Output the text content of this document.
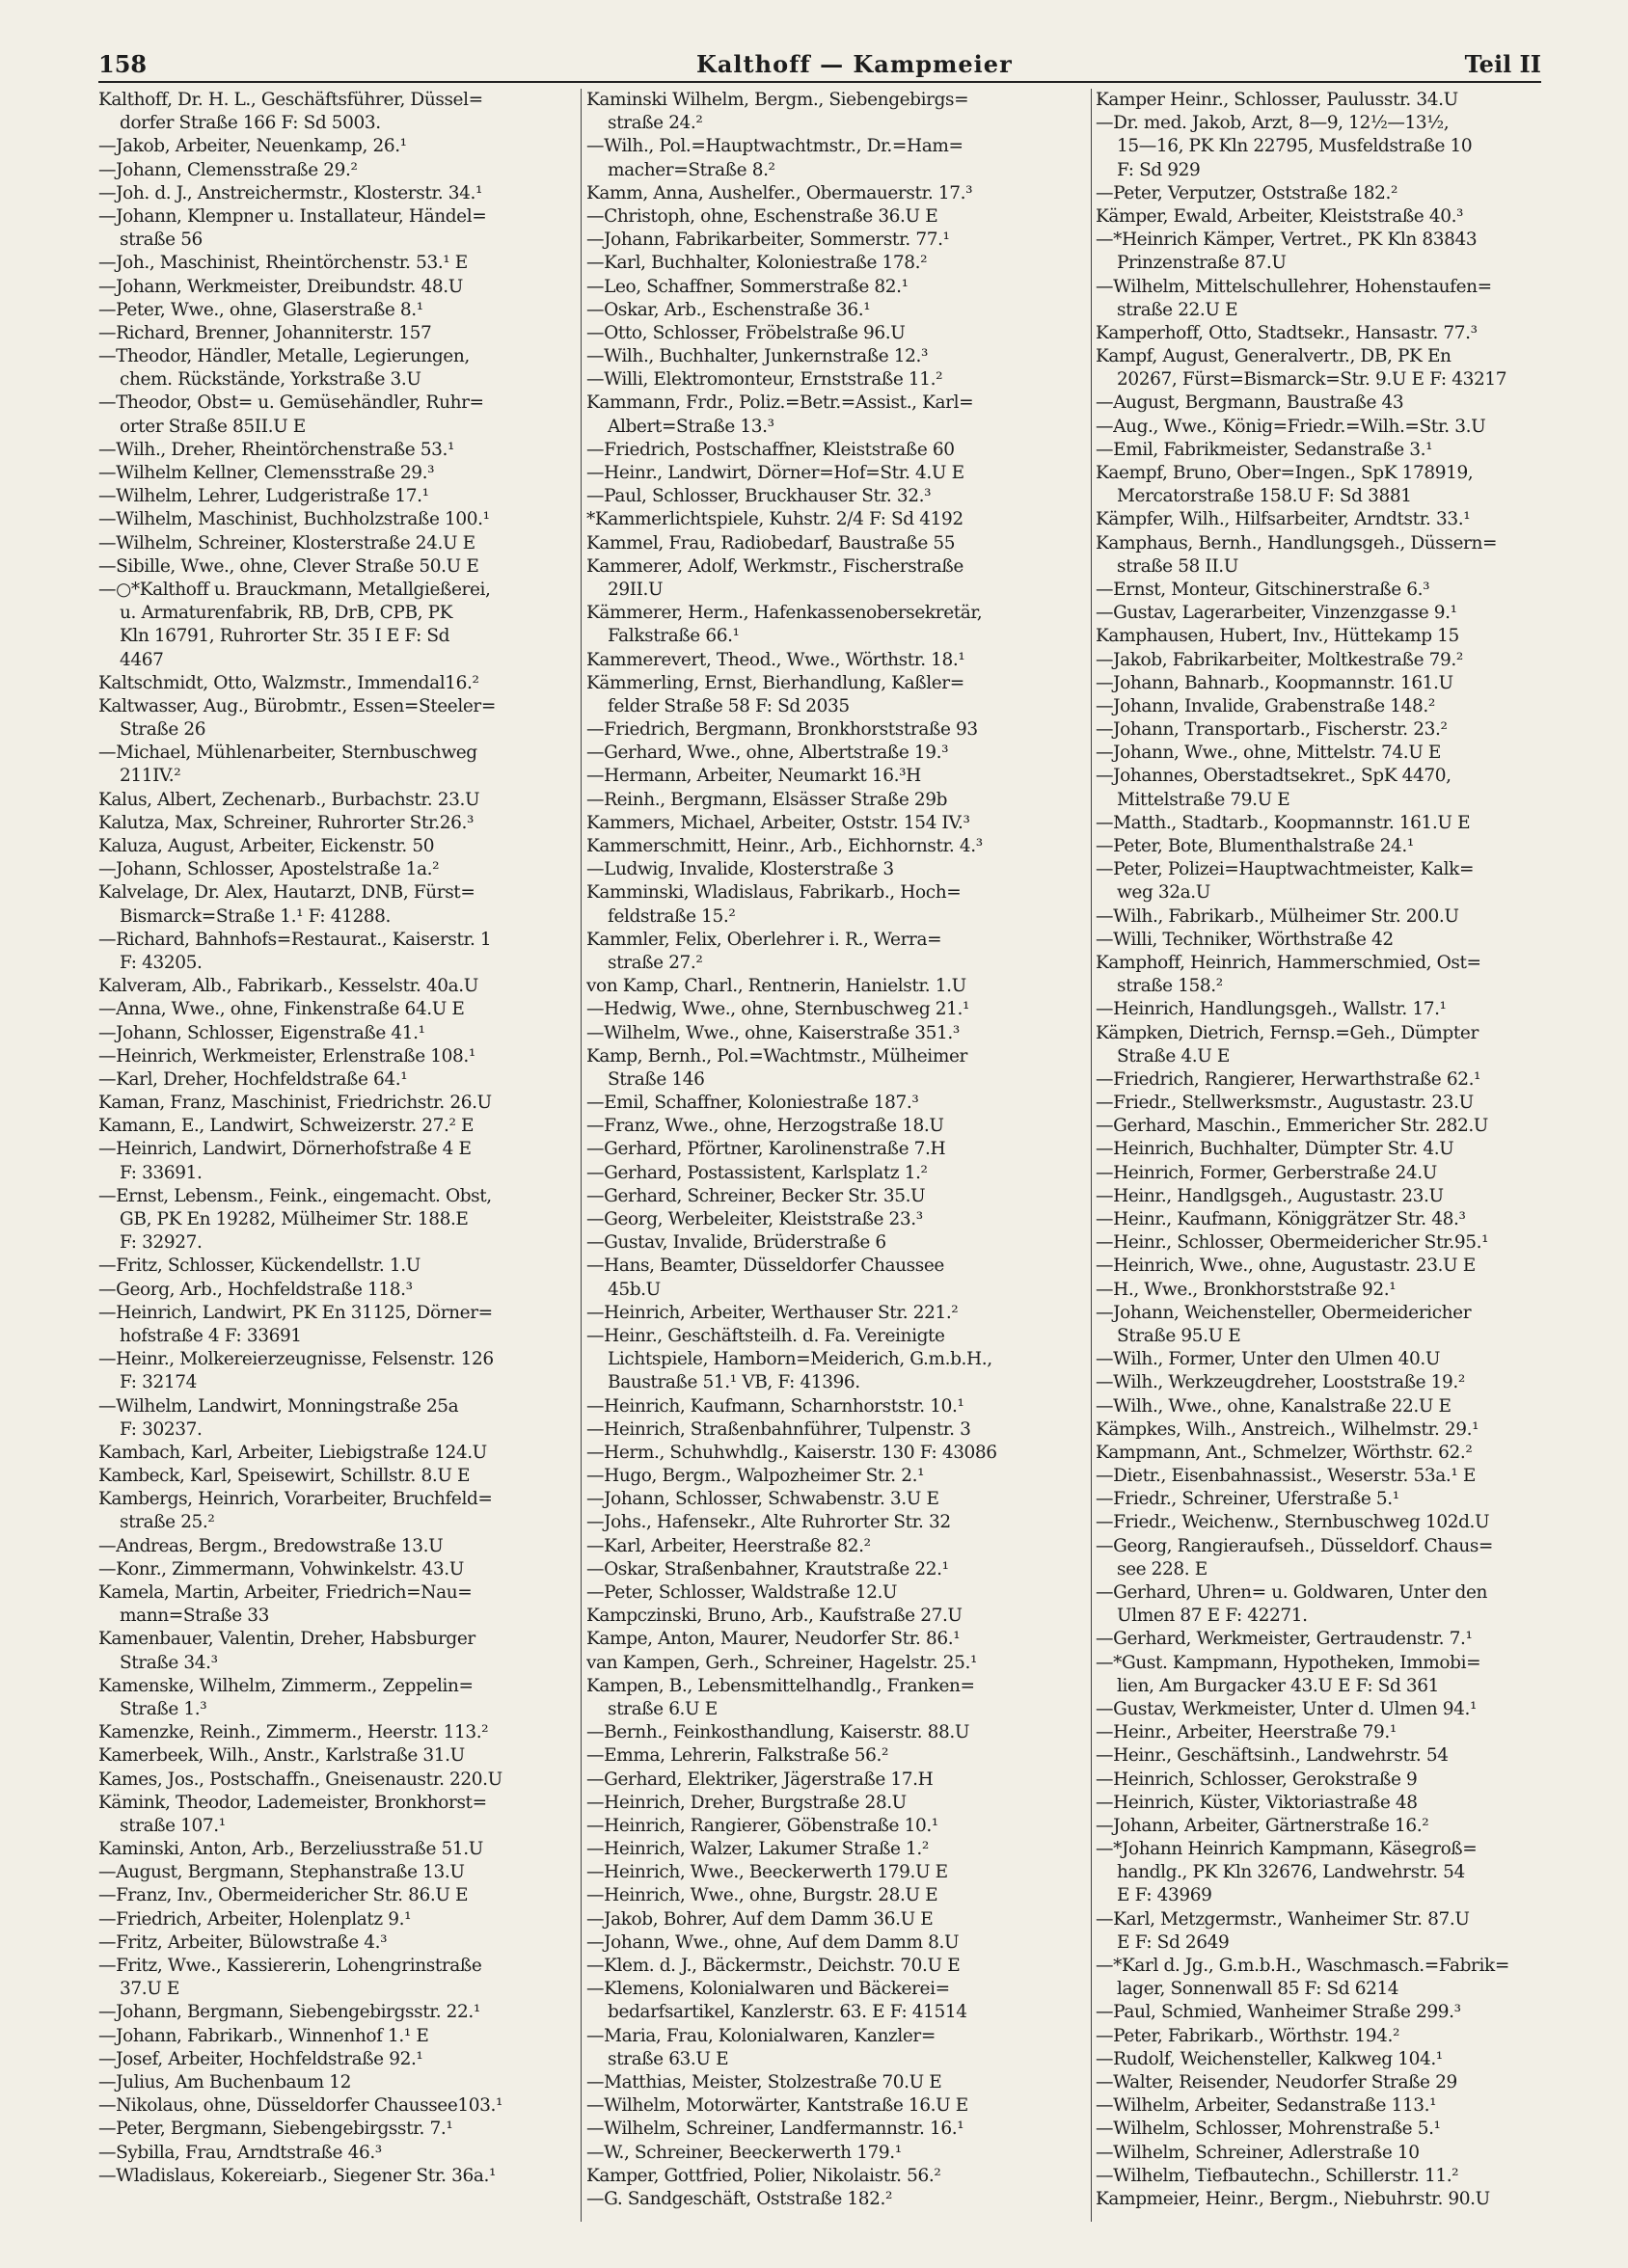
158	Kalthoff — Kampmeier	Teil II
Kalthoff, Dr. H. L., Geschäftsführer, Düssel=
dorfer Straße 166 F: Sd 5003.
—Jakob, Arbeiter, Neuenkamp, 26.¹
—Johann, Clemensstraße 29.²
—Joh. d. J., Anstreichermstr., Klosterstr. 34.¹
—Johann, Klempner u. Installateur, Händel=
straße 56
—Joh., Maschinist, Rheintörchenstr. 53.¹ E
—Johann, Werkmeister, Dreibundstr. 48.U
—Peter, Wwe., ohne, Glaserstraße 8.¹
—Richard, Brenner, Johanniterstr. 157
—Theodor, Händler, Metalle, Legierungen,
chem. Rückstände, Yorkstraße 3.U
—Theodor, Obst= u. Gemüsehändler, Ruhr=
orter Straße 85II.U E
—Wilh., Dreher, Rheintörchenstraße 53.¹
—Wilhelm Kellner, Clemensstraße 29.³
—Wilhelm, Lehrer, Ludgeristraße 17.¹
—Wilhelm, Maschinist, Buchholzstraße 100.¹
—Wilhelm, Schreiner, Klosterstraße 24.U E
—Sibille, Wwe., ohne, Clever Straße 50.U E
—○*Kalthoff u. Brauckmann, Metallgießerei,
u. Armaturenfabrik, RB, DrB, CPB, PK
Kln 16791, Ruhrorter Str. 35 I E F: Sd
4467
Kaltschmidt, Otto, Walzmstr., Immendal16.²
Kaltwasser, Aug., Bürobmtr., Essen=Steeler=
Straße 26
—Michael, Mühlenarbeiter, Sternbuschweg
211IV.²
Kalus, Albert, Zechenarb., Burbachstr. 23.U
Kalutza, Max, Schreiner, Ruhrorter Str.26.³
Kaluza, August, Arbeiter, Eickenstr. 50
—Johann, Schlosser, Apostelstraße 1a.²
Kalvelage, Dr. Alex, Hautarzt, DNB, Fürst=
Bismarck=Straße 1.¹ F: 41288.
—Richard, Bahnhofs=Restaurat., Kaiserstr. 1
F: 43205.
Kalveram, Alb., Fabrikarb., Kesselstr. 40a.U
—Anna, Wwe., ohne, Finkenstraße 64.U E
—Johann, Schlosser, Eigenstraße 41.¹
—Heinrich, Werkmeister, Erlenstraße 108.¹
—Karl, Dreher, Hochfeldstraße 64.¹
Kaman, Franz, Maschinist, Friedrichstr. 26.U
Kamann, E., Landwirt, Schweizerstr. 27.² E
—Heinrich, Landwirt, Dörnerhofstraße 4 E
F: 33691.
—Ernst, Lebensm., Feink., eingemacht. Obst,
GB, PK En 19282, Mülheimer Str. 188.E
F: 32927.
—Fritz, Schlosser, Kückendellstr. 1.U
—Georg, Arb., Hochfeldstraße 118.³
—Heinrich, Landwirt, PK En 31125, Dörner=
hofstraße 4 F: 33691
—Heinr., Molkereierzeugnisse, Felsenstr. 126
F: 32174
—Wilhelm, Landwirt, Monningstraße 25a
F: 30237.
Kambach, Karl, Arbeiter, Liebigstraße 124.U
Kambeck, Karl, Speisewirt, Schillstr. 8.U E
Kambergs, Heinrich, Vorarbeiter, Bruchfeld=
straße 25.²
—Andreas, Bergm., Bredowstraße 13.U
—Konr., Zimmermann, Vohwinkelstr. 43.U
Kamela, Martin, Arbeiter, Friedrich=Nau=
mann=Straße 33
Kamenbauer, Valentin, Dreher, Habsburger
Straße 34.³
Kamenske, Wilhelm, Zimmerm., Zeppelin=
Straße 1.³
Kamenzke, Reinh., Zimmerm., Heerstr. 113.²
Kamerbeek, Wilh., Anstr., Karlstraße 31.U
Kames, Jos., Postschaffn., Gneisenaustr. 220.U
Kämink, Theodor, Lademeister, Bronkhorst=
straße 107.¹
Kaminski, Anton, Arb., Berzeliusstraße 51.U
—August, Bergmann, Stephanstraße 13.U
—Franz, Inv., Obermeidericher Str. 86.U E
—Friedrich, Arbeiter, Holenplatz 9.¹
—Fritz, Arbeiter, Bülowstraße 4.³
—Fritz, Wwe., Kassiererin, Lohengrinstraße
37.U E
—Johann, Bergmann, Siebengebirgsstr. 22.¹
—Johann, Fabrikarb., Winnenhof 1.¹ E
—Josef, Arbeiter, Hochfeldstraße 92.¹
—Julius, Am Buchenbaum 12
—Nikolaus, ohne, Düsseldorfer Chaussee103.¹
—Peter, Bergmann, Siebengebirgsstr. 7.¹
—Sybilla, Frau, Arndtstraße 46.³
—Wladislaus, Kokereiarb., Siegener Str. 36a.¹
Kaminski Wilhelm, Bergm., Siebengebirgs=
straße 24.²
—Wilh., Pol.=Hauptwachtmstr., Dr.=Ham=
macher=Straße 8.²
Kamm, Anna, Aushelfer., Obermauerstr. 17.³
—Christoph, ohne, Eschenstraße 36.U E
—Johann, Fabrikarbeiter, Sommerstr. 77.¹
—Karl, Buchhalter, Koloniestraße 178.²
—Leo, Schaffner, Sommerstraße 82.¹
—Oskar, Arb., Eschenstraße 36.¹
—Otto, Schlosser, Fröbelstraße 96.U
—Wilh., Buchhalter, Junkernstraße 12.³
—Willi, Elektromonteur, Ernststraße 11.²
Kammann, Frdr., Poliz.=Betr.=Assist., Karl=
Albert=Straße 13.³
—Friedrich, Postschaffner, Kleiststraße 60
—Heinr., Landwirt, Dörner=Hof=Str. 4.U E
—Paul, Schlosser, Bruckhauser Str. 32.³
*Kammerlichtspiele, Kuhstr. 2/4 F: Sd 4192
Kammel, Frau, Radiobedarf, Baustraße 55
Kammerer, Adolf, Werkmstr., Fischerstraße
29II.U
Kämmerer, Herm., Hafenkassenobersekretär,
Falkstraße 66.¹
Kammerevert, Theod., Wwe., Wörthstr. 18.¹
Kämmerling, Ernst, Bierhandlung, Kaßler=
felder Straße 58 F: Sd 2035
—Friedrich, Bergmann, Bronkhorststraße 93
—Gerhard, Wwe., ohne, Albertstraße 19.³
—Hermann, Arbeiter, Neumarkt 16.³H
—Reinh., Bergmann, Elsässer Straße 29b
Kammers, Michael, Arbeiter, Oststr. 154 IV.³
Kammerschmitt, Heinr., Arb., Eichhornstr. 4.³
—Ludwig, Invalide, Klosterstraße 3
Kamminski, Wladislaus, Fabrikarb., Hoch=
feldstraße 15.²
Kammler, Felix, Oberlehrer i. R., Werra=
straße 27.²
von Kamp, Charl., Rentnerin, Hanielstr. 1.U
—Hedwig, Wwe., ohne, Sternbuschweg 21.¹
—Wilhelm, Wwe., ohne, Kaiserstraße 351.³
Kamp, Bernh., Pol.=Wachtmstr., Mülheimer
Straße 146
—Emil, Schaffner, Koloniestraße 187.³
—Franz, Wwe., ohne, Herzogstraße 18.U
—Gerhard, Pförtner, Karolinenstraße 7.H
—Gerhard, Postassistent, Karlsplatz 1.²
—Gerhard, Schreiner, Becker Str. 35.U
—Georg, Werbeleiter, Kleiststraße 23.³
—Gustav, Invalide, Brüderstraße 6
—Hans, Beamter, Düsseldorfer Chaussee
45b.U
—Heinrich, Arbeiter, Werthauser Str. 221.²
—Heinr., Geschäftsteilh. d. Fa. Vereinigte
Lichtspiele, Hamborn=Meiderich, G.m.b.H.,
Baustraße 51.¹ VB, F: 41396.
—Heinrich, Kaufmann, Scharnhorststr. 10.¹
—Heinrich, Straßenbahnführer, Tulpenstr. 3
—Herm., Schuhwhdlg., Kaiserstr. 130 F: 43086
—Hugo, Bergm., Walpozheimer Str. 2.¹
—Johann, Schlosser, Schwabenstr. 3.U E
—Johs., Hafensekr., Alte Ruhrorter Str. 32
—Karl, Arbeiter, Heerstraße 82.²
—Oskar, Straßenbahner, Krautstraße 22.¹
—Peter, Schlosser, Waldstraße 12.U
Kampczinski, Bruno, Arb., Kaufstraße 27.U
Kampe, Anton, Maurer, Neudorfer Str. 86.¹
van Kampen, Gerh., Schreiner, Hagelstr. 25.¹
Kampen, B., Lebensmittelhandlg., Franken=
straße 6.U E
—Bernh., Feinkosthandlung, Kaiserstr. 88.U
—Emma, Lehrerin, Falkstraße 56.²
—Gerhard, Elektriker, Jägerstraße 17.H
—Heinrich, Dreher, Burgstraße 28.U
—Heinrich, Rangierer, Göbenstraße 10.¹
—Heinrich, Walzer, Lakumer Straße 1.²
—Heinrich, Wwe., Beeckerwerth 179.U E
—Heinrich, Wwe., ohne, Burgstr. 28.U E
—Jakob, Bohrer, Auf dem Damm 36.U E
—Johann, Wwe., ohne, Auf dem Damm 8.U
—Klem. d. J., Bäckermstr., Deichstr. 70.U E
—Klemens, Kolonialwaren und Bäckerei=
bedarfsartikel, Kanzlerstr. 63. E F: 41514
—Maria, Frau, Kolonialwaren, Kanzler=
straße 63.U E
—Matthias, Meister, Stolzestraße 70.U E
—Wilhelm, Motorwärter, Kantstraße 16.U E
—Wilhelm, Schreiner, Landfermannstr. 16.¹
—W., Schreiner, Beeckerwerth 179.¹
Kamper, Gottfried, Polier, Nikolaistr. 56.²
—G. Sandgeschäft, Oststraße 182.²
Kamper Heinr., Schlosser, Paulusstr. 34.U
—Dr. med. Jakob, Arzt, 8—9, 12½—13½,
15—16, PK Kln 22795, Musfeldstraße 10
F: Sd 929
—Peter, Verputzer, Oststraße 182.²
Kämper, Ewald, Arbeiter, Kleiststraße 40.³
—*Heinrich Kämper, Vertret., PK Kln 83843
Prinzenstraße 87.U
—Wilhelm, Mittelschullehrer, Hohenstaufen=
straße 22.U E
Kamperhoff, Otto, Stadtsekr., Hansastr. 77.³
Kampf, August, Generalvertr., DB, PK En
20267, Fürst=Bismarck=Str. 9.U E F: 43217
—August, Bergmann, Baustraße 43
—Aug., Wwe., König=Friedr.=Wilh.=Str. 3.U
—Emil, Fabrikmeister, Sedanstraße 3.¹
Kaempf, Bruno, Ober=Ingen., SpK 178919,
Mercatorstraße 158.U F: Sd 3881
Kämpfer, Wilh., Hilfsarbeiter, Arndtstr. 33.¹
Kamphaus, Bernh., Handlungsgeh., Düssern=
straße 58 II.U
—Ernst, Monteur, Gitschinerstraße 6.³
—Gustav, Lagerarbeiter, Vinzenzgasse 9.¹
Kamphausen, Hubert, Inv., Hüttekamp 15
—Jakob, Fabrikarbeiter, Moltkestraße 79.²
—Johann, Bahnarb., Koopmannstr. 161.U
—Johann, Invalide, Grabenstraße 148.²
—Johann, Transportarb., Fischerstr. 23.²
—Johann, Wwe., ohne, Mittelstr. 74.U E
—Johannes, Oberstadtsekret., SpK 4470,
Mittelstraße 79.U E
—Matth., Stadtarb., Koopmannstr. 161.U E
—Peter, Bote, Blumenthalstraße 24.¹
—Peter, Polizei=Hauptwachtmeister, Kalk=
weg 32a.U
—Wilh., Fabrikarb., Mülheimer Str. 200.U
—Willi, Techniker, Wörthstraße 42
Kamphoff, Heinrich, Hammerschmied, Ost=
straße 158.²
—Heinrich, Handlungsgeh., Wallstr. 17.¹
Kämpken, Dietrich, Fernsp.=Geh., Dümpter
Straße 4.U E
—Friedrich, Rangierer, Herwarthstraße 62.¹
—Friedr., Stellwerksmstr., Augustastr. 23.U
—Gerhard, Maschin., Emmericher Str. 282.U
—Heinrich, Buchhalter, Dümpter Str. 4.U
—Heinrich, Former, Gerberstraße 24.U
—Heinr., Handlgsgeh., Augustastr. 23.U
—Heinr., Kaufmann, Königgrätzer Str. 48.³
—Heinr., Schlosser, Obermeidericher Str.95.¹
—Heinrich, Wwe., ohne, Augustastr. 23.U E
—H., Wwe., Bronkhorststraße 92.¹
—Johann, Weichensteller, Obermeidericher
Straße 95.U E
—Wilh., Former, Unter den Ulmen 40.U
—Wilh., Werkzeugdreher, Looststraße 19.²
—Wilh., Wwe., ohne, Kanalstraße 22.U E
Kämpkes, Wilh., Anstreich., Wilhelmstr. 29.¹
Kampmann, Ant., Schmelzer, Wörthstr. 62.²
—Dietr., Eisenbahnassist., Weserstr. 53a.¹ E
—Friedr., Schreiner, Uferstraße 5.¹
—Friedr., Weichenw., Sternbuschweg 102d.U
—Georg, Rangieraufseh., Düsseldorf. Chaus=
see 228. E
—Gerhard, Uhren= u. Goldwaren, Unter den
Ulmen 87 E F: 42271.
—Gerhard, Werkmeister, Gertraudenstr. 7.¹
—*Gust. Kampmann, Hypotheken, Immobi=
lien, Am Burgacker 43.U E F: Sd 361
—Gustav, Werkmeister, Unter d. Ulmen 94.¹
—Heinr., Arbeiter, Heerstraße 79.¹
—Heinr., Geschäftsinh., Landwehrstr. 54
—Heinrich, Schlosser, Gerokstraße 9
—Heinrich, Küster, Viktoriastraße 48
—Johann, Arbeiter, Gärtnerstraße 16.²
—*Johann Heinrich Kampmann, Käsegroß=
handlg., PK Kln 32676, Landwehrstr. 54
E F: 43969
—Karl, Metzgermstr., Wanheimer Str. 87.U
E F: Sd 2649
—*Karl d. Jg., G.m.b.H., Waschmasch.=Fabrik=
lager, Sonnenwall 85 F: Sd 6214
—Paul, Schmied, Wanheimer Straße 299.³
—Peter, Fabrikarb., Wörthstr. 194.²
—Rudolf, Weichensteller, Kalkweg 104.¹
—Walter, Reisender, Neudorfer Straße 29
—Wilhelm, Arbeiter, Sedanstraße 113.¹
—Wilhelm, Schlosser, Mohrenstraße 5.¹
—Wilhelm, Schreiner, Adlerstraße 10
—Wilhelm, Tiefbautechn., Schillerstr. 11.²
Kampmeier, Heinr., Bergm., Niebuhrstr. 90.U
